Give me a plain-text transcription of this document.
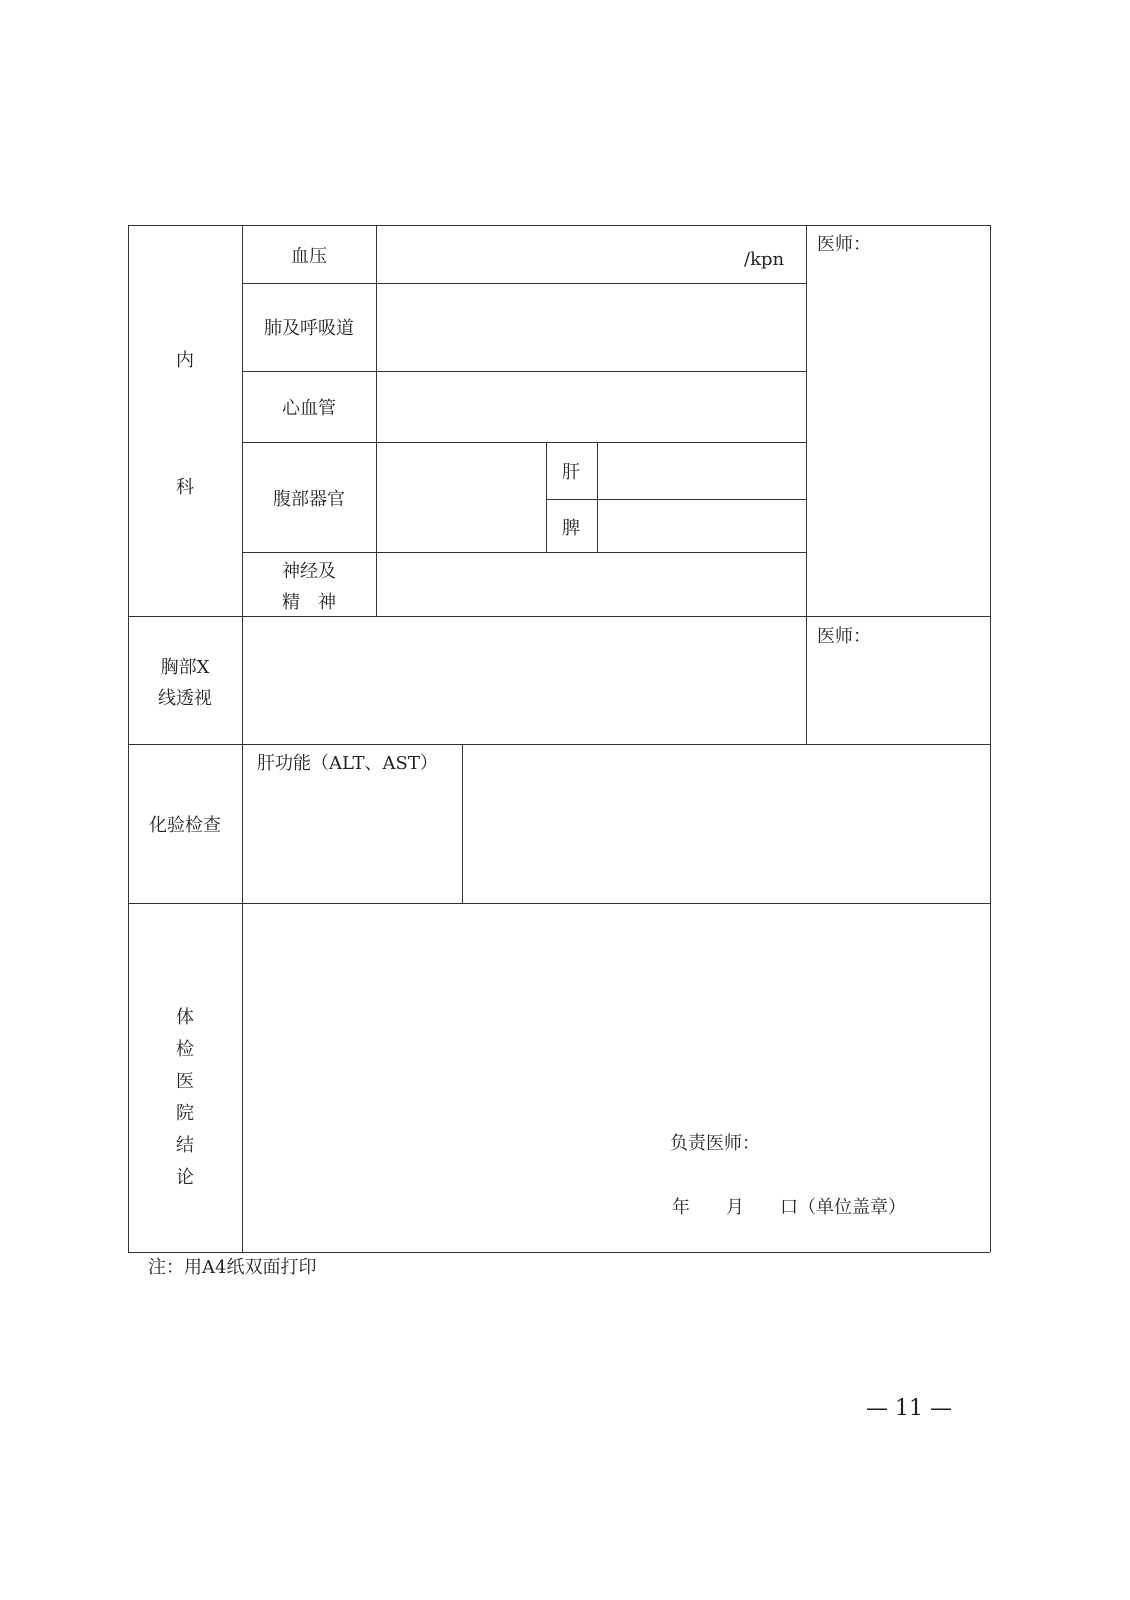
内
科
血压	/kpn
肺及呼吸道
心血管
腹部器官
肝
脾
神经及
精　神
医师：
胸部X
线透视
医师：
化验检查
肝功能（ALT、AST）
体检医院结论
负责医师：
年　　月　　口（单位盖章）
注：用A4纸双面打印
— 11 —
